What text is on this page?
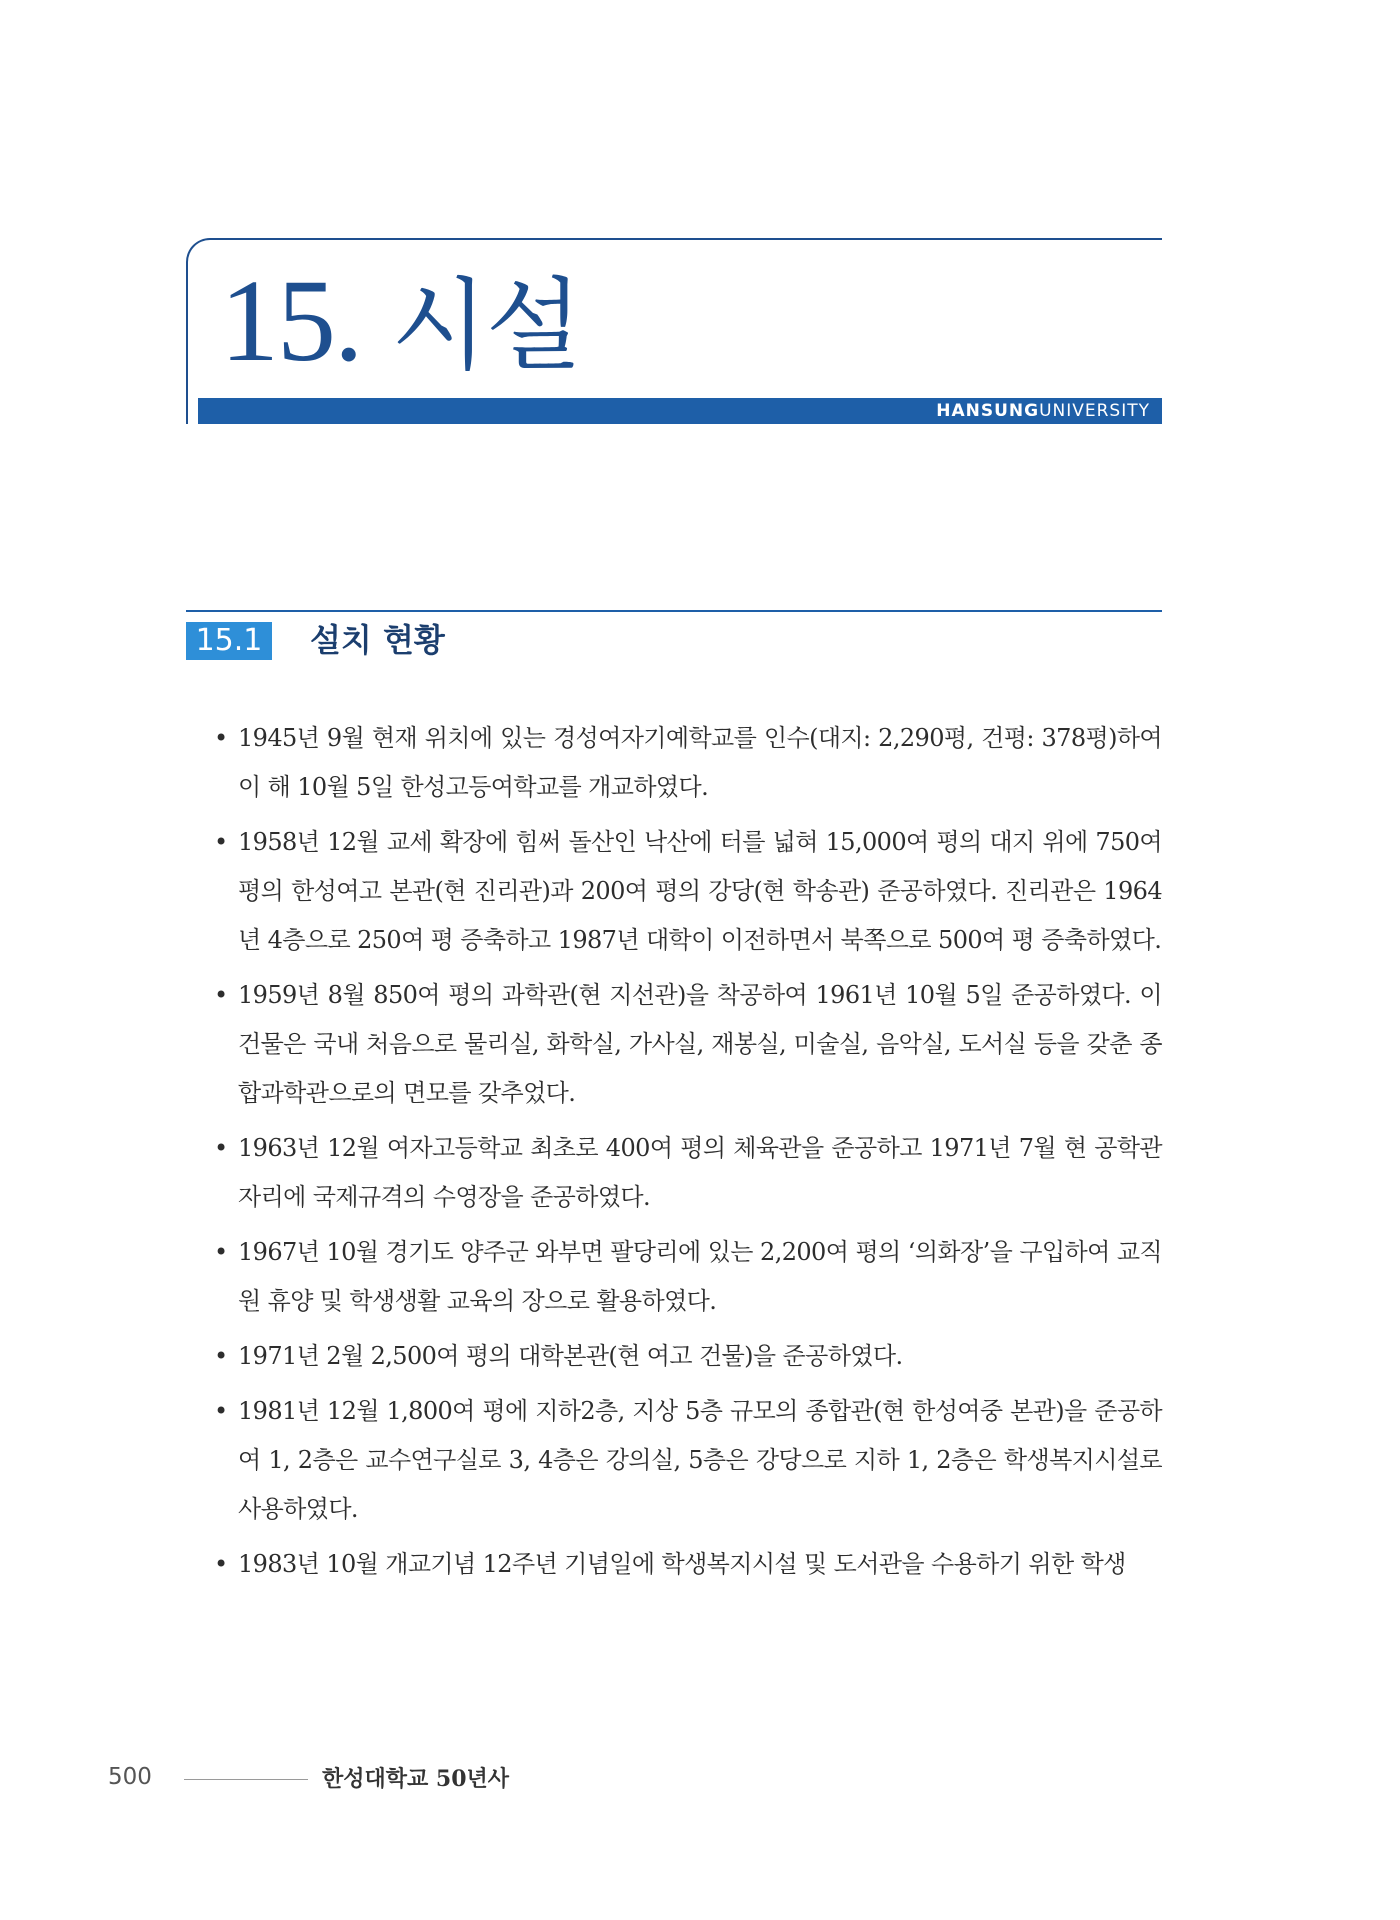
15. 시설
HANSUNGUNIVERSITY
15.1	설치 현황
• 1945년 9월 현재 위치에 있는 경성여자기예학교를 인수(대지: 2,290평, 건평: 378평)하여 이 해 10월 5일 한성고등여학교를 개교하였다.
• 1958년 12월 교세 확장에 힘써 돌산인 낙산에 터를 넓혀 15,000여 평의 대지 위에 750여 평의 한성여고 본관(현 진리관)과 200여 평의 강당(현 학송관) 준공하였다. 진리관은 1964년 4층으로 250여 평 증축하고 1987년 대학이 이전하면서 북쪽으로 500여 평 증축하였다.
• 1959년 8월 850여 평의 과학관(현 지선관)을 착공하여 1961년 10월 5일 준공하였다. 이 건물은 국내 처음으로 물리실, 화학실, 가사실, 재봉실, 미술실, 음악실, 도서실 등을 갖춘 종합과학관으로의 면모를 갖추었다.
• 1963년 12월 여자고등학교 최초로 400여 평의 체육관을 준공하고 1971년 7월 현 공학관 자리에 국제규격의 수영장을 준공하였다.
• 1967년 10월 경기도 양주군 와부면 팔당리에 있는 2,200여 평의 ‘의화장’을 구입하여 교직원 휴양 및 학생생활 교육의 장으로 활용하였다.
• 1971년 2월 2,500여 평의 대학본관(현 여고 건물)을 준공하였다.
• 1981년 12월 1,800여 평에 지하2층, 지상 5층 규모의 종합관(현 한성여중 본관)을 준공하여 1, 2층은 교수연구실로 3, 4층은 강의실, 5층은 강당으로 지하 1, 2층은 학생복지시설로 사용하였다.
• 1983년 10월 개교기념 12주년 기념일에 학생복지시설 및 도서관을 수용하기 위한 학생
500	한성대학교 50년사
